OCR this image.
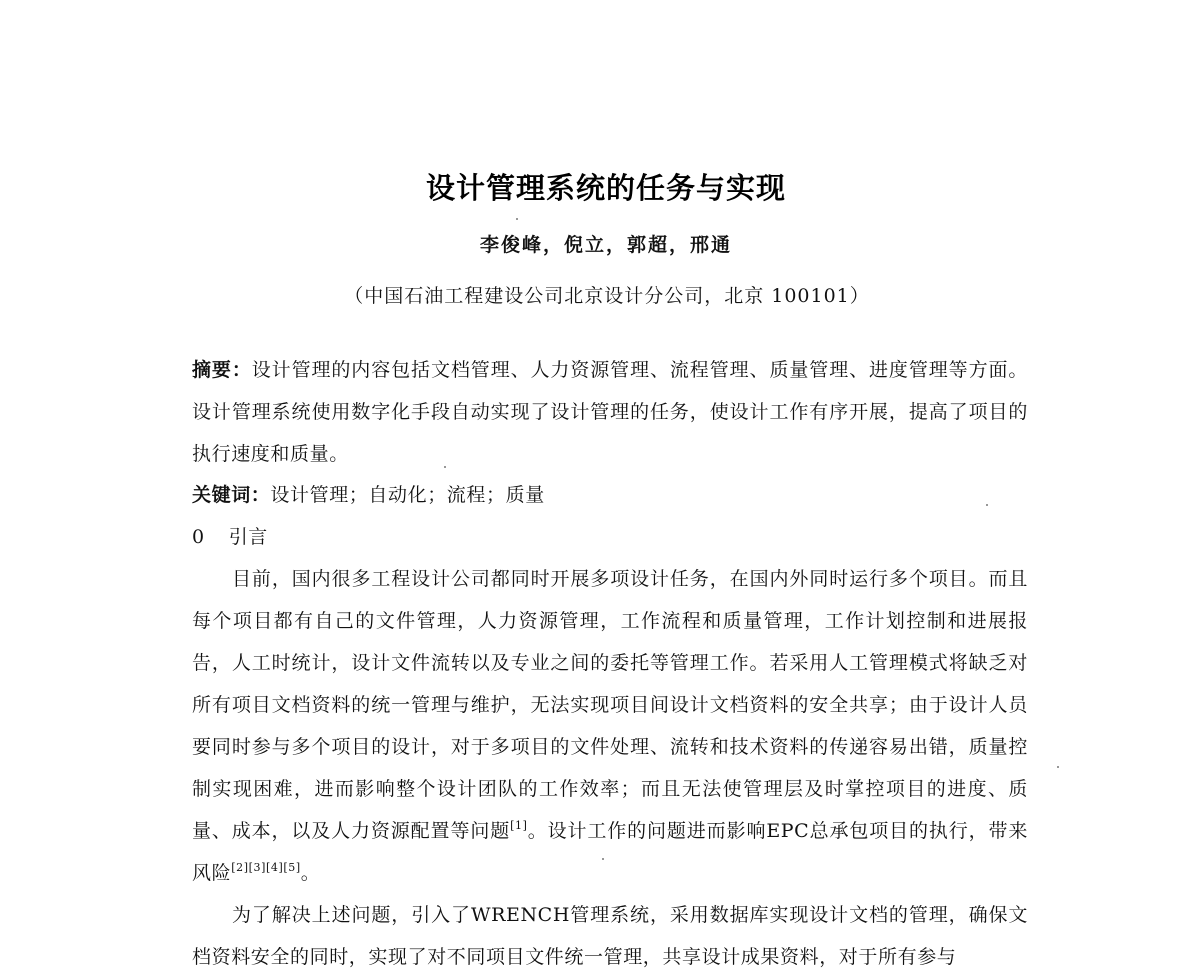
设计管理系统的任务与实现
李俊峰，倪立，郭超，邢通
（中国石油工程建设公司北京设计分公司，北京 100101）

摘要：设计管理的内容包括文档管理、人力资源管理、流程管理、质量管理、进度管理等方面。设计管理系统使用数字化手段自动实现了设计管理的任务，使设计工作有序开展，提高了项目的执行速度和质量。

关键词：设计管理；自动化；流程；质量

0 引言

目前，国内很多工程设计公司都同时开展多项设计任务，在国内外同时运行多个项目。而且每个项目都有自己的文件管理，人力资源管理，工作流程和质量管理，工作计划控制和进展报告，人工时统计，设计文件流转以及专业之间的委托等管理工作。若采用人工管理模式将缺乏对所有项目文档资料的统一管理与维护，无法实现项目间设计文档资料的安全共享；由于设计人员要同时参与多个项目的设计，对于多项目的文件处理、流转和技术资料的传递容易出错，质量控制实现困难，进而影响整个设计团队的工作效率；而且无法使管理层及时掌控项目的进度、质量、成本，以及人力资源配置等问题[1]。设计工作的问题进而影响EPC总承包项目的执行，带来风险[2][3][4][5]。

为了解决上述问题，引入了WRENCH管理系统，采用数据库实现设计文档的管理，确保文档资料安全的同时，实现了对不同项目文件统一管理，共享设计成果资料，对于所有参与
